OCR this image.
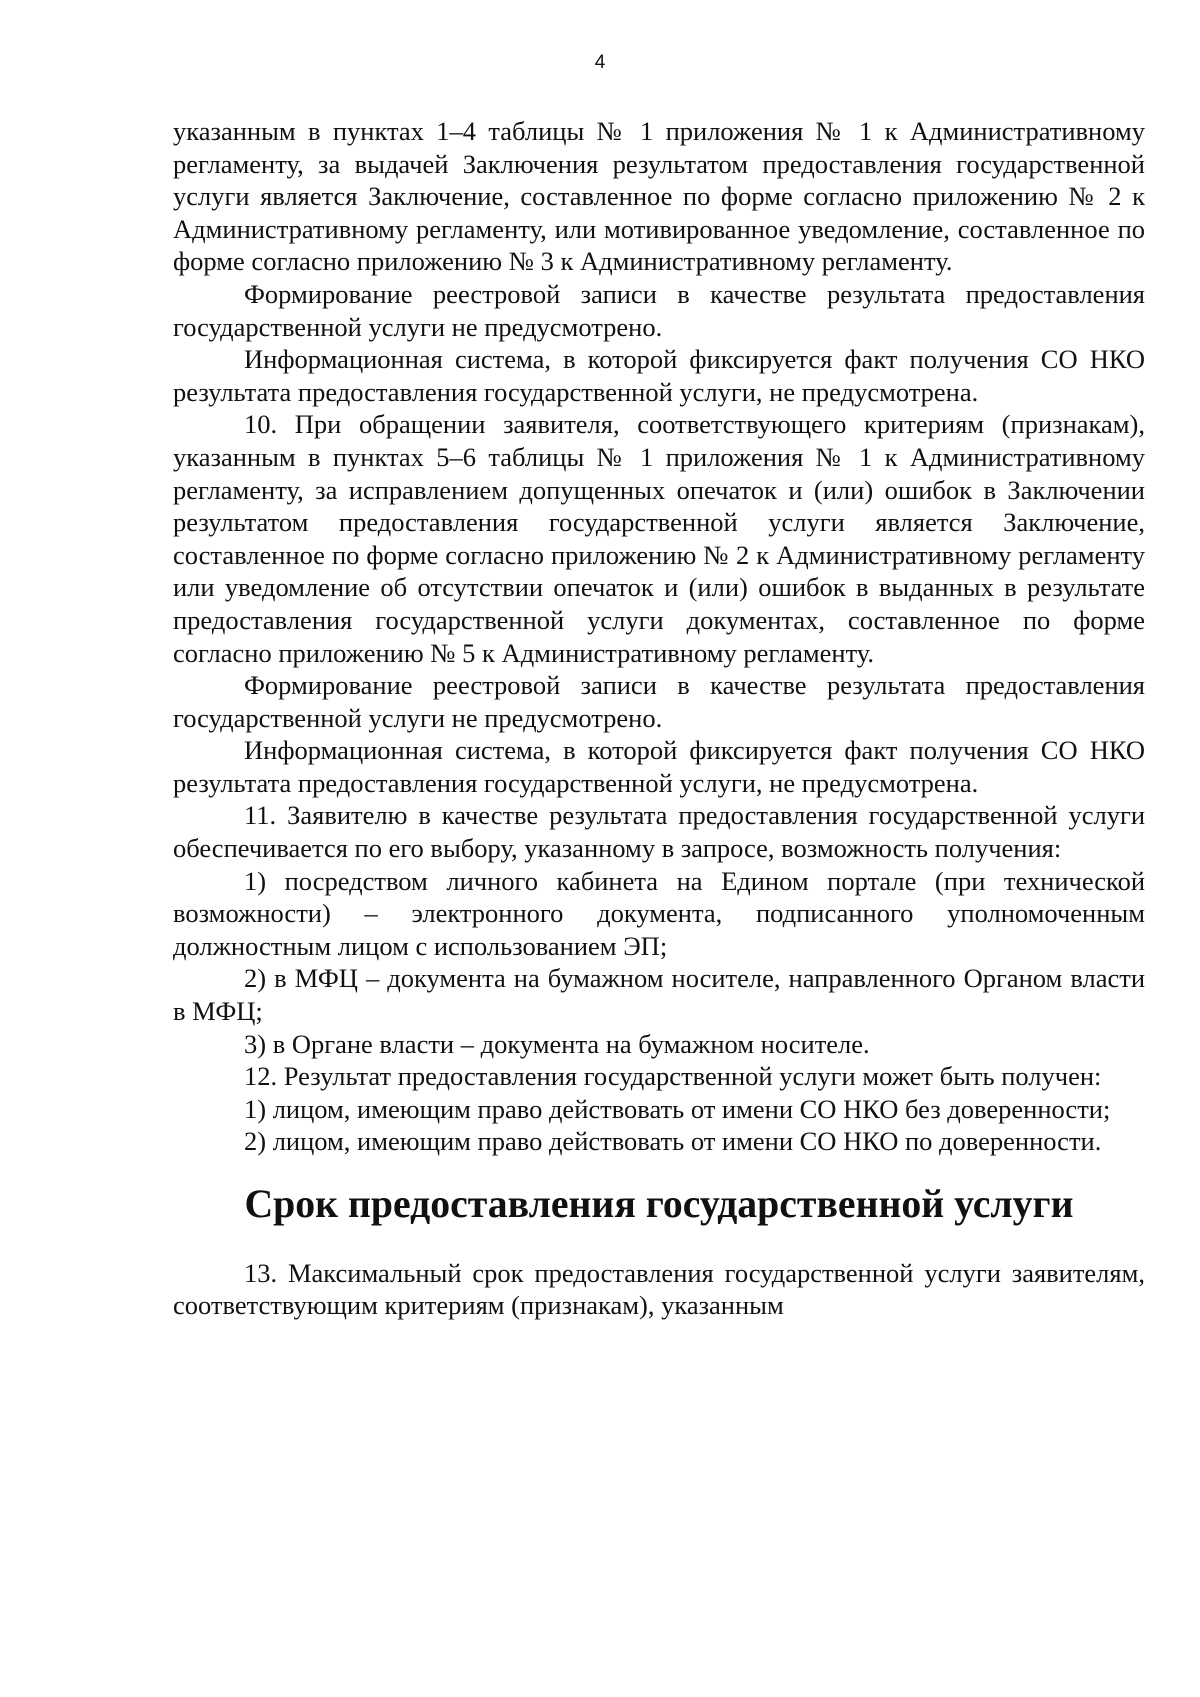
4

указанным в пунктах 1–4 таблицы № 1 приложения № 1 к Административному регламенту, за выдачей Заключения результатом предоставления государственной услуги является Заключение, составленное по форме согласно приложению № 2 к Административному регламенту, или мотивированное уведомление, составленное по форме согласно приложению № 3 к Административному регламенту.

Формирование реестровой записи в качестве результата предоставления государственной услуги не предусмотрено.

Информационная система, в которой фиксируется факт получения СО НКО результата предоставления государственной услуги, не предусмотрена.

10. При обращении заявителя, соответствующего критериям (признакам), указанным в пунктах 5–6 таблицы № 1 приложения № 1 к Административному регламенту, за исправлением допущенных опечаток и (или) ошибок в Заключении результатом предоставления государственной услуги является Заключение, составленное по форме согласно приложению № 2 к Административному регламенту или уведомление об отсутствии опечаток и (или) ошибок в выданных в результате предоставления государственной услуги документах, составленное по форме согласно приложению № 5 к Административному регламенту.

Формирование реестровой записи в качестве результата предоставления государственной услуги не предусмотрено.

Информационная система, в которой фиксируется факт получения СО НКО результата предоставления государственной услуги, не предусмотрена.

11. Заявителю в качестве результата предоставления государственной услуги обеспечивается по его выбору, указанному в запросе, возможность получения:

1) посредством личного кабинета на Едином портале (при технической возможности) – электронного документа, подписанного уполномоченным должностным лицом с использованием ЭП;

2) в МФЦ – документа на бумажном носителе, направленного Органом власти в МФЦ;

3) в Органе власти – документа на бумажном носителе.

12. Результат предоставления государственной услуги может быть получен:

1) лицом, имеющим право действовать от имени СО НКО без доверенности;

2) лицом, имеющим право действовать от имени СО НКО по доверенности.

Срок предоставления государственной услуги

13. Максимальный срок предоставления государственной услуги заявителям, соответствующим критериям (признакам), указанным
